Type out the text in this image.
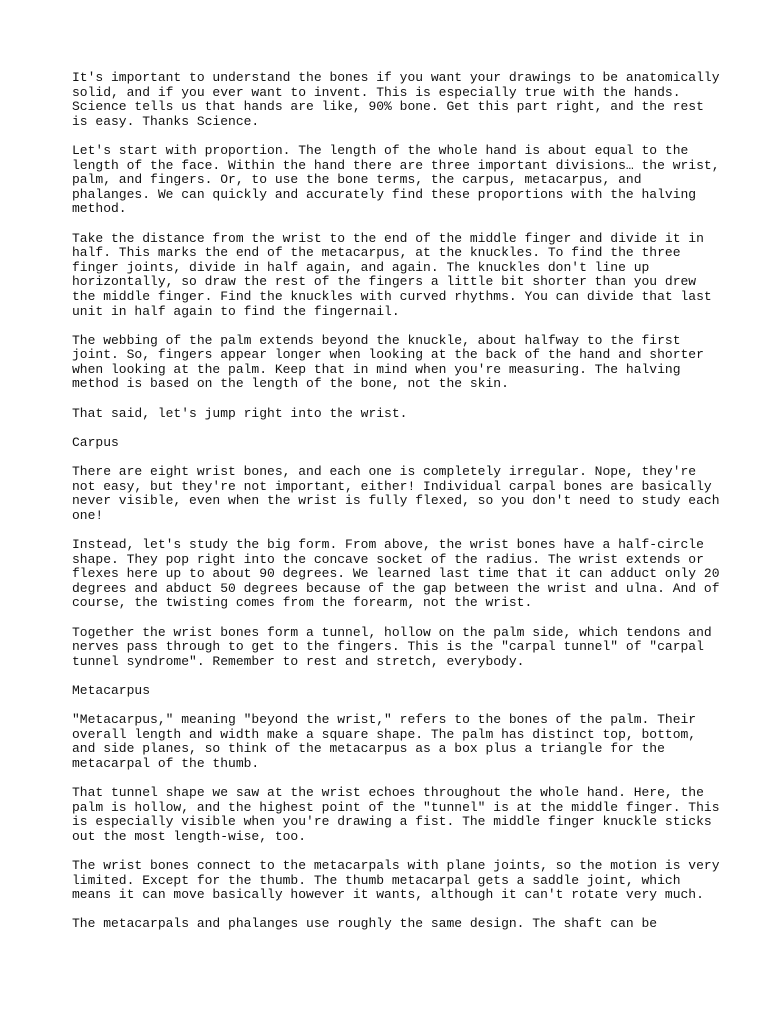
It's important to understand the bones if you want your drawings to be anatomically
solid, and if you ever want to invent. This is especially true with the hands.
Science tells us that hands are like, 90% bone. Get this part right, and the rest
is easy. Thanks Science.

Let's start with proportion. The length of the whole hand is about equal to the
length of the face. Within the hand there are three important divisions… the wrist,
palm, and fingers. Or, to use the bone terms, the carpus, metacarpus, and
phalanges. We can quickly and accurately find these proportions with the halving
method.

Take the distance from the wrist to the end of the middle finger and divide it in
half. This marks the end of the metacarpus, at the knuckles. To find the three
finger joints, divide in half again, and again. The knuckles don't line up
horizontally, so draw the rest of the fingers a little bit shorter than you drew
the middle finger. Find the knuckles with curved rhythms. You can divide that last
unit in half again to find the fingernail.

The webbing of the palm extends beyond the knuckle, about halfway to the first
joint. So, fingers appear longer when looking at the back of the hand and shorter
when looking at the palm. Keep that in mind when you're measuring. The halving
method is based on the length of the bone, not the skin.

That said, let's jump right into the wrist.

Carpus

There are eight wrist bones, and each one is completely irregular. Nope, they're
not easy, but they're not important, either! Individual carpal bones are basically
never visible, even when the wrist is fully flexed, so you don't need to study each
one!

Instead, let's study the big form. From above, the wrist bones have a half-circle
shape. They pop right into the concave socket of the radius. The wrist extends or
flexes here up to about 90 degrees. We learned last time that it can adduct only 20
degrees and abduct 50 degrees because of the gap between the wrist and ulna. And of
course, the twisting comes from the forearm, not the wrist.

Together the wrist bones form a tunnel, hollow on the palm side, which tendons and
nerves pass through to get to the fingers. This is the "carpal tunnel" of "carpal
tunnel syndrome". Remember to rest and stretch, everybody.

Metacarpus

"Metacarpus," meaning "beyond the wrist," refers to the bones of the palm. Their
overall length and width make a square shape. The palm has distinct top, bottom,
and side planes, so think of the metacarpus as a box plus a triangle for the
metacarpal of the thumb.

That tunnel shape we saw at the wrist echoes throughout the whole hand. Here, the
palm is hollow, and the highest point of the "tunnel" is at the middle finger. This
is especially visible when you're drawing a fist. The middle finger knuckle sticks
out the most length-wise, too.

The wrist bones connect to the metacarpals with plane joints, so the motion is very
limited. Except for the thumb. The thumb metacarpal gets a saddle joint, which
means it can move basically however it wants, although it can't rotate very much.

The metacarpals and phalanges use roughly the same design. The shaft can be
